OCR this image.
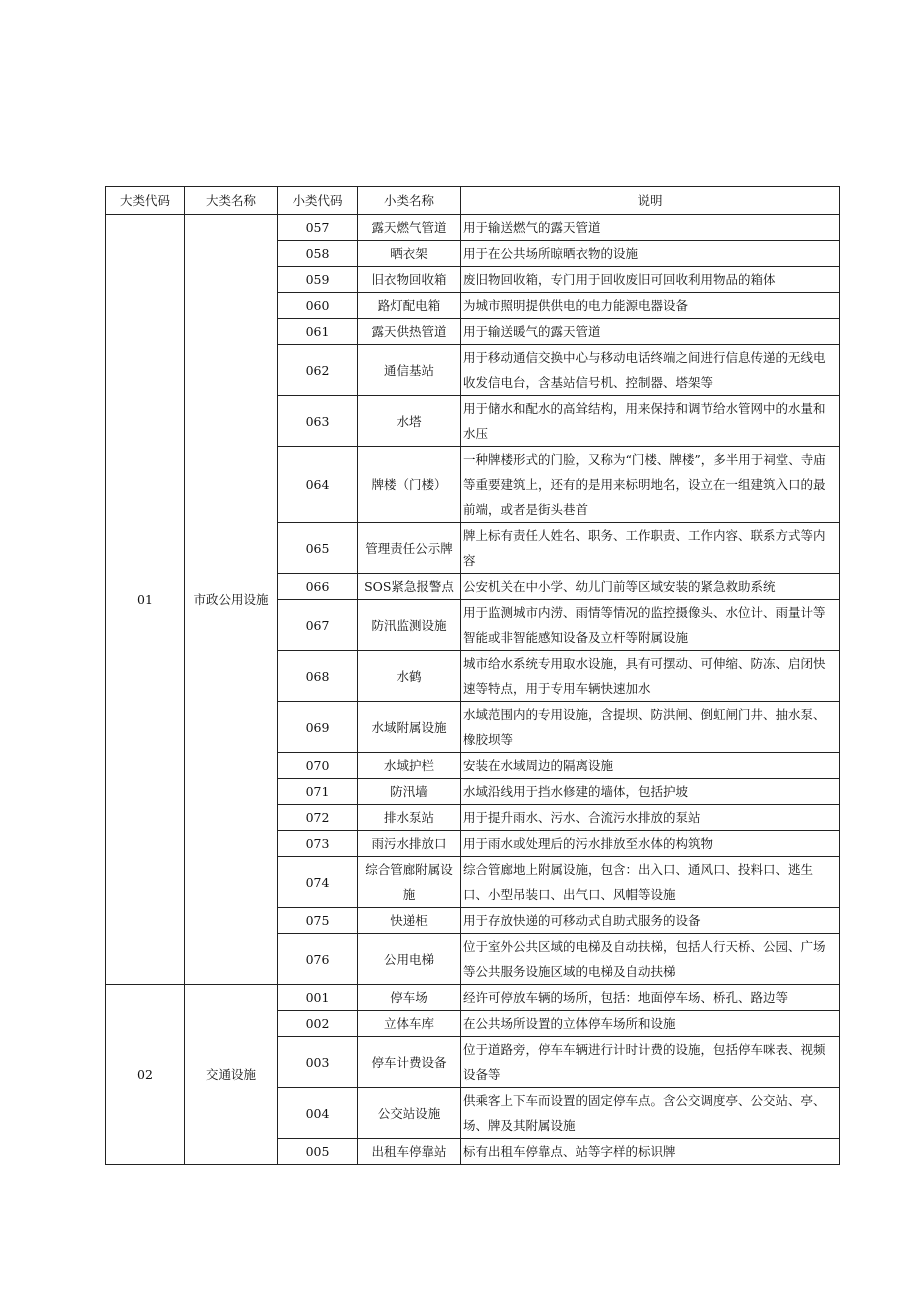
大类代码	大类名称	小类代码	小类名称	说明
01	市政公用设施	057	露天燃气管道	用于输送燃气的露天管道
		058	晒衣架	用于在公共场所晾晒衣物的设施
		059	旧衣物回收箱	废旧物回收箱，专门用于回收废旧可回收利用物品的箱体
		060	路灯配电箱	为城市照明提供供电的电力能源电器设备
		061	露天供热管道	用于输送暖气的露天管道
		062	通信基站	用于移动通信交换中心与移动电话终端之间进行信息传递的无线电收发信电台，含基站信号机、控制器、塔架等
		063	水塔	用于储水和配水的高耸结构，用来保持和调节给水管网中的水量和水压
		064	牌楼（门楼）	一种牌楼形式的门脸，又称为“门楼、牌楼”，多半用于祠堂、寺庙等重要建筑上，还有的是用来标明地名，设立在一组建筑入口的最前端，或者是街头巷首
		065	管理责任公示牌	牌上标有责任人姓名、职务、工作职责、工作内容、联系方式等内容
		066	SOS紧急报警点	公安机关在中小学、幼儿门前等区域安装的紧急救助系统
		067	防汛监测设施	用于监测城市内涝、雨情等情况的监控摄像头、水位计、雨量计等智能或非智能感知设备及立杆等附属设施
		068	水鹤	城市给水系统专用取水设施，具有可摆动、可伸缩、防冻、启闭快速等特点，用于专用车辆快速加水
		069	水域附属设施	水域范围内的专用设施，含提坝、防洪闸、倒虹闸门井、抽水泵、橡胶坝等
		070	水域护栏	安装在水域周边的隔离设施
		071	防汛墙	水域沿线用于挡水修建的墙体，包括护坡
		072	排水泵站	用于提升雨水、污水、合流污水排放的泵站
		073	雨污水排放口	用于雨水或处理后的污水排放至水体的构筑物
		074	综合管廊附属设施	综合管廊地上附属设施，包含：出入口、通风口、投料口、逃生口、小型吊装口、出气口、风帽等设施
		075	快递柜	用于存放快递的可移动式自助式服务的设备
		076	公用电梯	位于室外公共区域的电梯及自动扶梯，包括人行天桥、公园、广场等公共服务设施区域的电梯及自动扶梯
02	交通设施	001	停车场	经许可停放车辆的场所，包括：地面停车场、桥孔、路边等
		002	立体车库	在公共场所设置的立体停车场所和设施
		003	停车计费设备	位于道路旁，停车车辆进行计时计费的设施，包括停车咪表、视频设备等
		004	公交站设施	供乘客上下车而设置的固定停车点。含公交调度亭、公交站、亭、场、牌及其附属设施
		005	出租车停靠站	标有出租车停靠点、站等字样的标识牌
